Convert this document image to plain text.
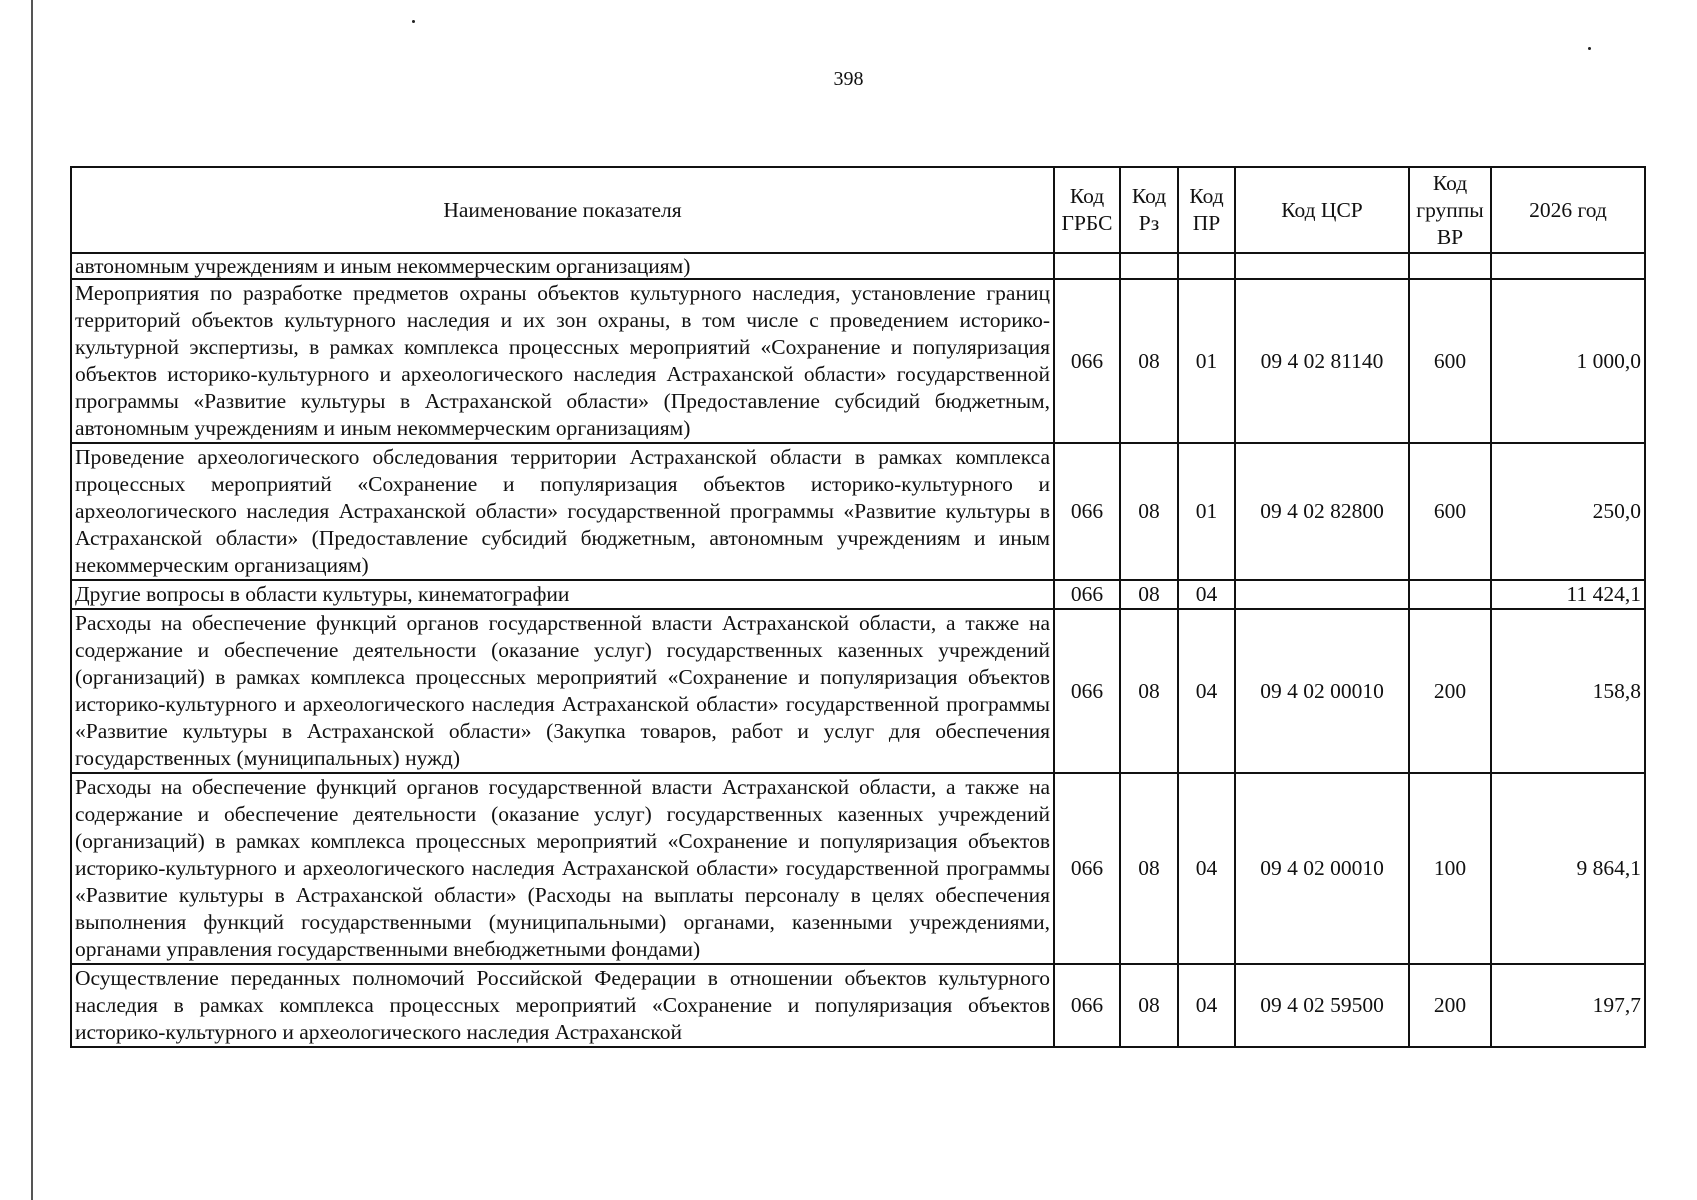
398
Наименование показателя	Код ГРБС	Код Рз	Код ПР	Код ЦСР	Код группы ВР	2026 год
автономным учреждениям и иным некоммерческим организациям)						
Мероприятия по разработке предметов охраны объектов культурного наследия, установление границ территорий объектов культурного наследия и их зон охраны, в том числе с проведением историко-культурной экспертизы, в рамках комплекса процессных мероприятий «Сохранение и популяризация объектов историко-культурного и археологического наследия Астраханской области» государственной программы «Развитие культуры в Астраханской области» (Предоставление субсидий бюджетным, автономным учреждениям и иным некоммерческим организациям)	066	08	01	09 4 02 81140	600	1 000,0
Проведение археологического обследования территории Астраханской области в рамках комплекса процессных мероприятий «Сохранение и популяризация объектов историко-культурного и археологического наследия Астраханской области» государственной программы «Развитие культуры в Астраханской области» (Предоставление субсидий бюджетным, автономным учреждениям и иным некоммерческим организациям)	066	08	01	09 4 02 82800	600	250,0
Другие вопросы в области культуры, кинематографии	066	08	04			11 424,1
Расходы на обеспечение функций органов государственной власти Астраханской области, а также на содержание и обеспечение деятельности (оказание услуг) государственных казенных учреждений (организаций) в рамках комплекса процессных мероприятий «Сохранение и популяризация объектов историко-культурного и археологического наследия Астраханской области» государственной программы «Развитие культуры в Астраханской области» (Закупка товаров, работ и услуг для обеспечения государственных (муниципальных) нужд)	066	08	04	09 4 02 00010	200	158,8
Расходы на обеспечение функций органов государственной власти Астраханской области, а также на содержание и обеспечение деятельности (оказание услуг) государственных казенных учреждений (организаций) в рамках комплекса процессных мероприятий «Сохранение и популяризация объектов историко-культурного и археологического наследия Астраханской области» государственной программы «Развитие культуры в Астраханской области» (Расходы на выплаты персоналу в целях обеспечения выполнения функций государственными (муниципальными) органами, казенными учреждениями, органами управления государственными внебюджетными фондами)	066	08	04	09 4 02 00010	100	9 864,1
Осуществление переданных полномочий Российской Федерации в отношении объектов культурного наследия в рамках комплекса процессных мероприятий «Сохранение и популяризация объектов историко-культурного и археологического наследия Астраханской	066	08	04	09 4 02 59500	200	197,7
